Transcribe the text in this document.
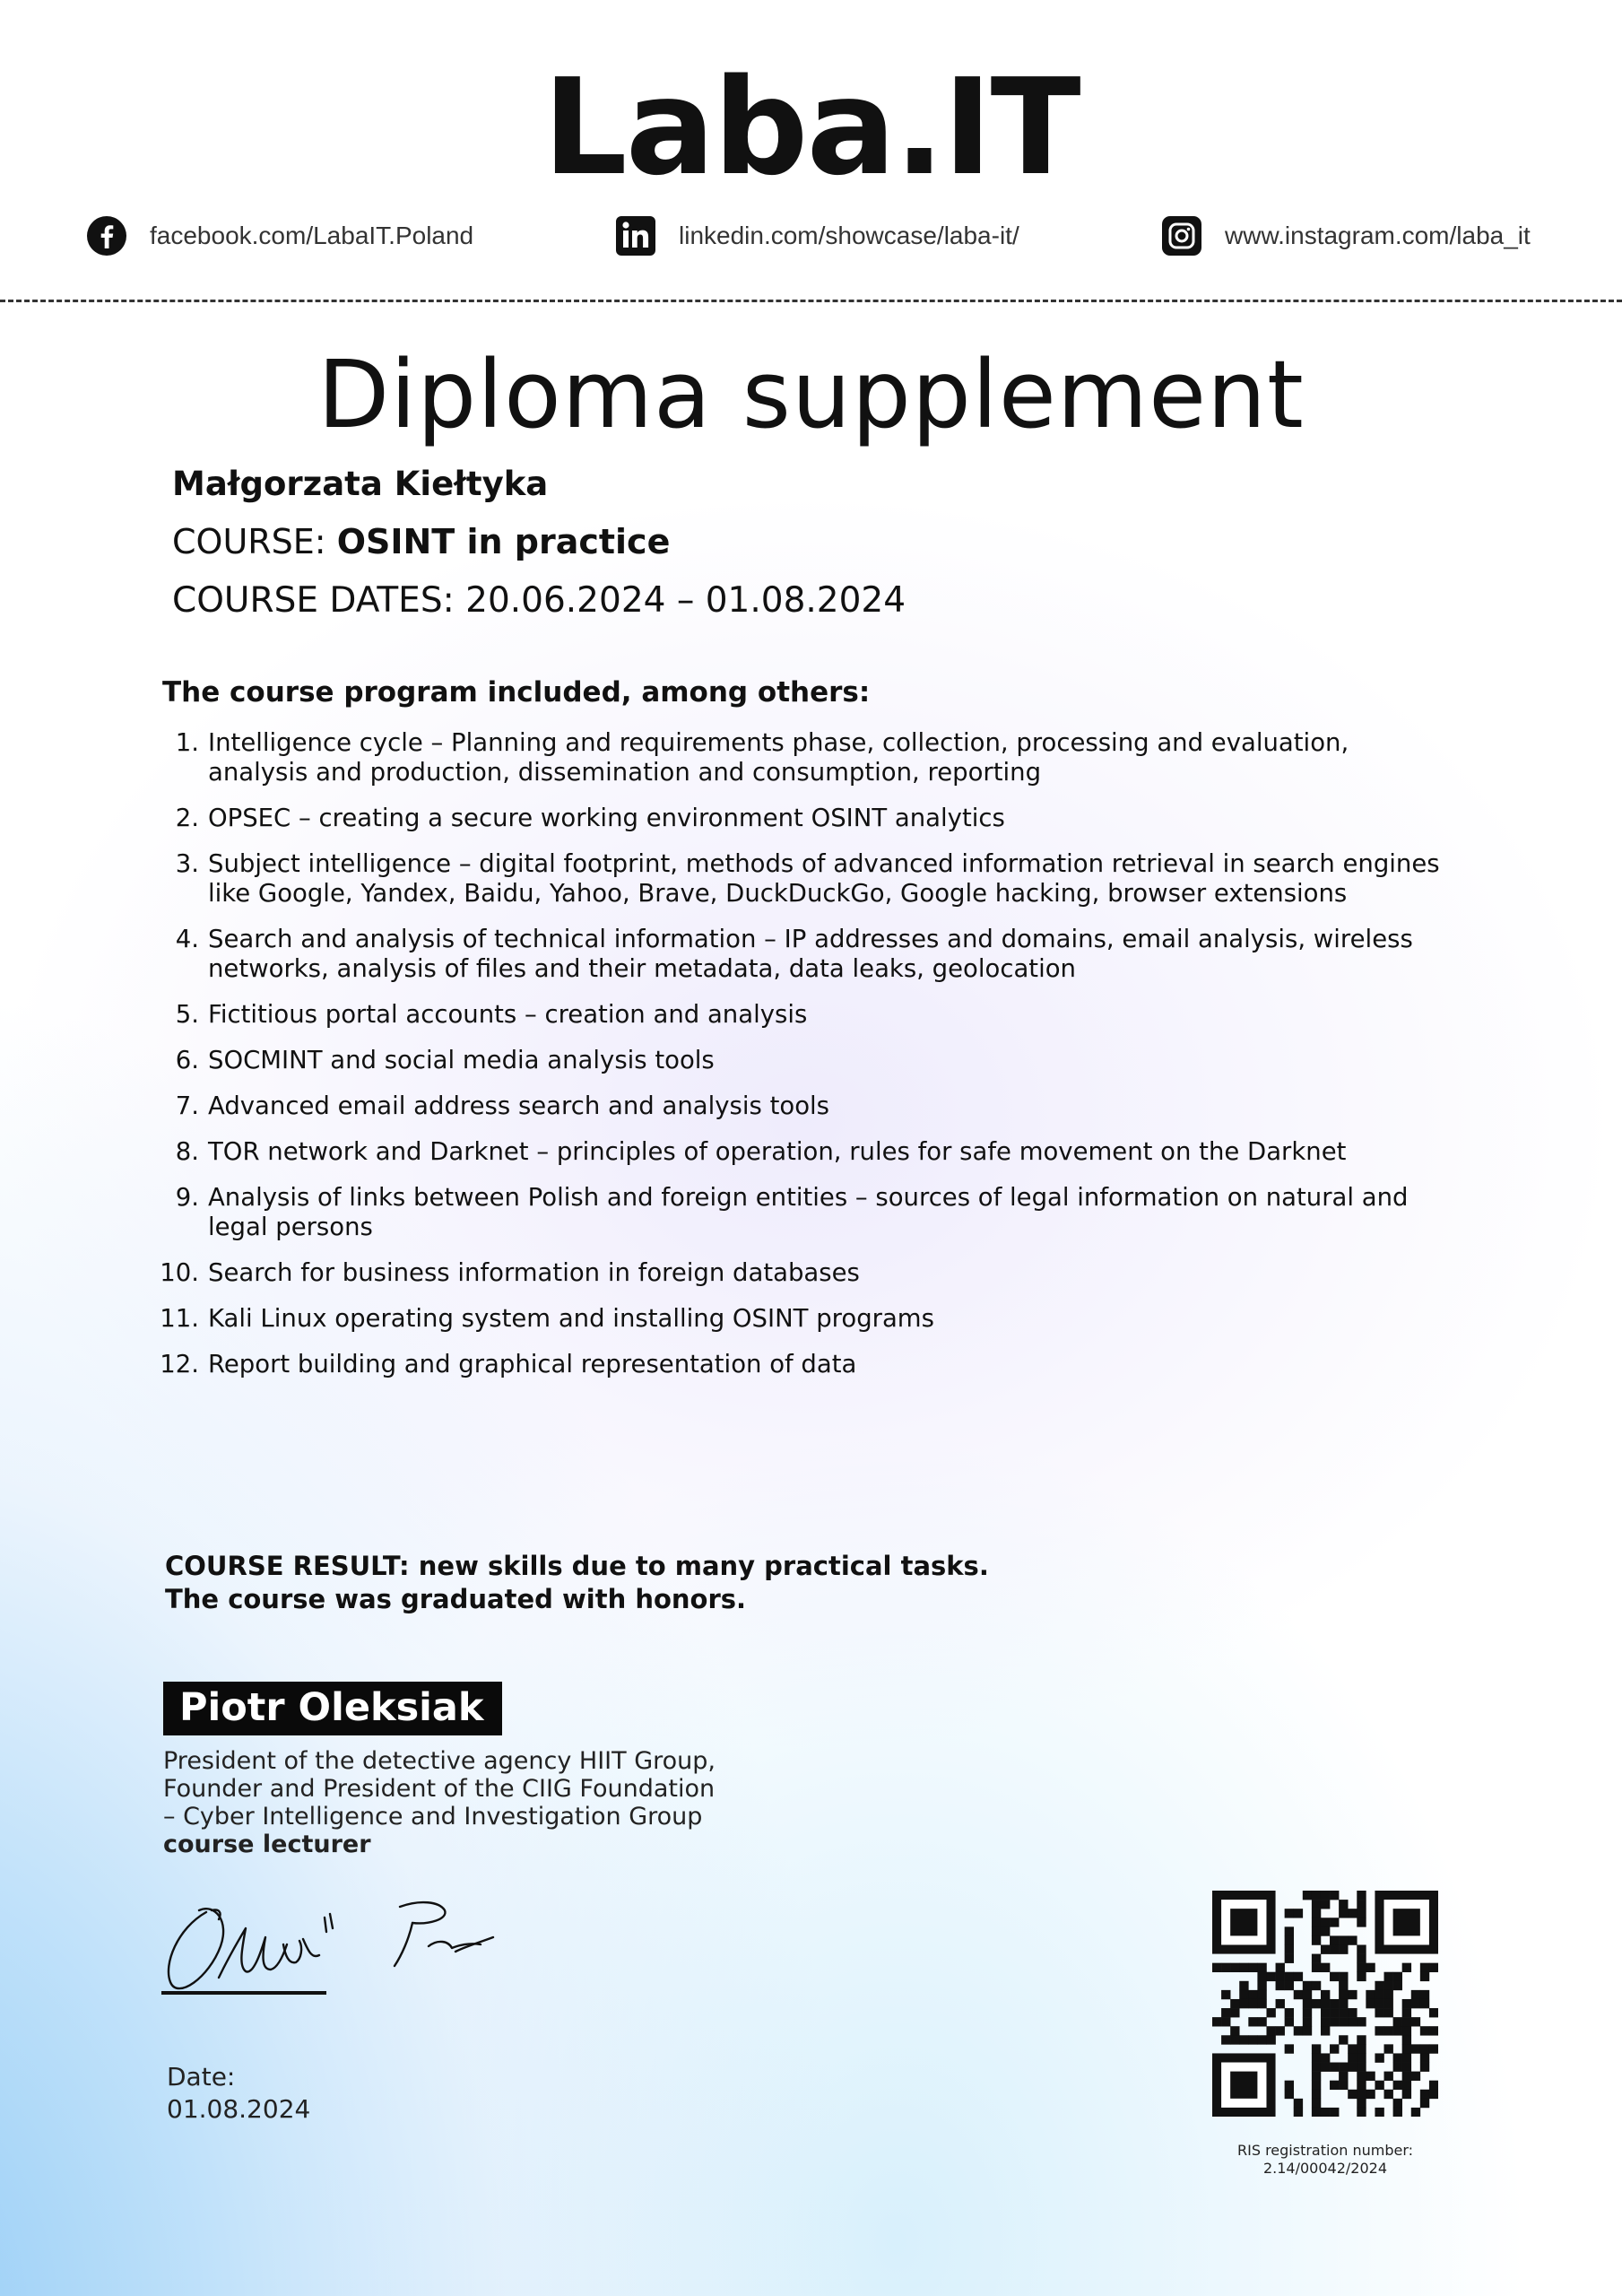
Laba.IT
facebook.com/LabaIT.Poland	linkedin.com/showcase/laba-it/	www.instagram.com/laba_it
Diploma supplement
Małgorzata Kiełtyka
COURSE: OSINT in practice
COURSE DATES: 20.06.2024 – 01.08.2024
The course program included, among others:
1. Intelligence cycle – Planning and requirements phase, collection, processing and evaluation, analysis and production, dissemination and consumption, reporting
2. OPSEC – creating a secure working environment OSINT analytics
3. Subject intelligence – digital footprint, methods of advanced information retrieval in search engines like Google, Yandex, Baidu, Yahoo, Brave, DuckDuckGo, Google hacking, browser extensions
4. Search and analysis of technical information – IP addresses and domains, email analysis, wireless networks, analysis of files and their metadata, data leaks, geolocation
5. Fictitious portal accounts – creation and analysis
6. SOCMINT and social media analysis tools
7. Advanced email address search and analysis tools
8. TOR network and Darknet – principles of operation, rules for safe movement on the Darknet
9. Analysis of links between Polish and foreign entities – sources of legal information on natural and legal persons
10. Search for business information in foreign databases
11. Kali Linux operating system and installing OSINT programs
12. Report building and graphical representation of data
COURSE RESULT: new skills due to many practical tasks.
The course was graduated with honors.
Piotr Oleksiak
President of the detective agency HIIT Group,
Founder and President of the CIIG Foundation
– Cyber Intelligence and Investigation Group
course lecturer
Date:
01.08.2024
RIS registration number:
2.14/00042/2024
